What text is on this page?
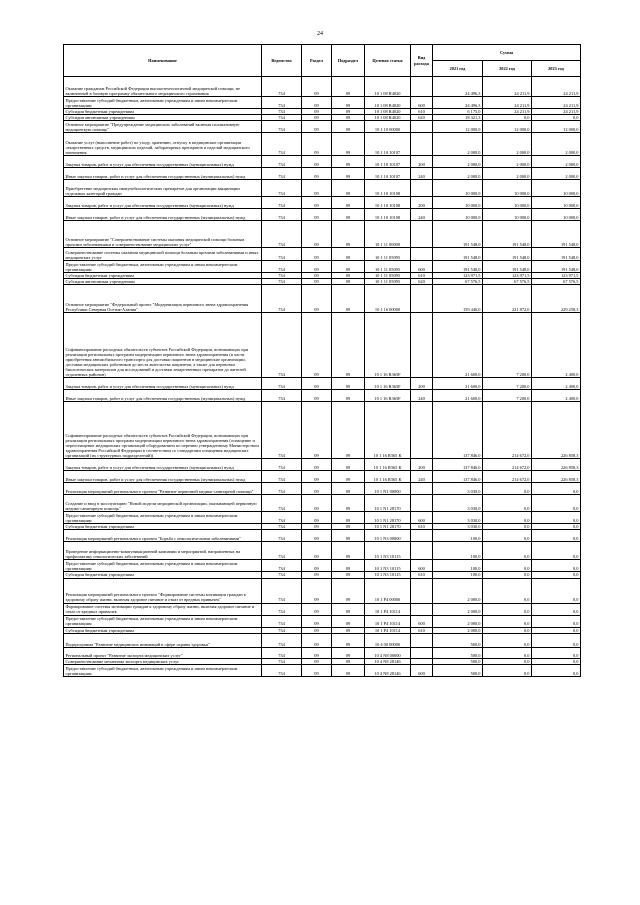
24
Наименование	Ведомство	Раздел	Подраздел	Целевая статья	Вид расхода	Сумма		
						2021 год	2022 год	2023 год
Оказание гражданам Российской Федерации высокотехнологичной медицинской помощи, не включенной в базовую программу обязательного медицинского страхования	734	09	09	10 1 08 R4020		24 496,3	24 211,9	24 211,9
Предоставление субсидий бюджетным, автономным учреждениям и иным некоммерческим организациям	734	09	09	10 1 08 R4020	600	24 496,3	24 211,9	24 211,9
Субсидии бюджетным учреждениям	734	09	09	10 1 08 R4020	610	6 175,0	24 211,9	24 211,9
Субсидии автономным учреждениям	734	09	09	10 1 08 R4020	620	18 321,3	0,0	0,0
Основное мероприятие "Предупреждение медицинских заболеваний включая паллиативную медицинскую помощь"	734	09	09	10 1 10 00000		12 000,0	12 000,0	12 000,0
Оказание услуг (выполнение работ) по уходу, хранению, отпуску в медицинские организации лекарственных средств, медицинских изделий, лабораторных препаратов и изделий медицинского назначения	734	09	09	10 1 10 10107		2 000,0	2 000,0	2 000,0
Закупка товаров, работ и услуг для обеспечения государственных (муниципальных) нужд	734	09	09	10 1 10 10107	200	2 000,0	2 000,0	2 000,0
Иные закупки товаров, работ и услуг для обеспечения государственных (муниципальных) нужд	734	09	09	10 1 10 10107	240	2 000,0	2 000,0	2 000,0
Приобретение медицинских иммунобиологических препаратов для организации вакцинации отдельных категорий граждан	734	09	09	10 1 10 10108		10 000,0	10 000,0	10 000,0
Закупка товаров, работ и услуг для обеспечения государственных (муниципальных) нужд	734	09	09	10 1 10 10108	200	10 000,0	10 000,0	10 000,0
Иные закупки товаров, работ и услуг для обеспечения государственных (муниципальных) нужд	734	09	09	10 1 10 10108	240	10 000,0	10 000,0	10 000,0
Основное мероприятие "Совершенствование системы оказания медицинской помощи больным прочими заболеваниями и совершенствование медицинских услуг"	734	09	09	10 1 11 00000		191 548,0	191 548,0	191 548,0
Совершенствование системы оказания медицинской помощи больным прочими заболеваниями и иных медицинских услуг	734	09	09	10 1 11 05095		191 548,0	191 548,0	191 548,0
Предоставление субсидий бюджетным, автономным учреждениям и иным некоммерческим организациям	734	09	09	10 1 11 05095	600	191 548,0	191 548,0	191 548,0
Субсидии бюджетным учреждениям	734	09	09	10 1 11 05095	610	123 971,5	123 971,5	123 971,5
Субсидии автономным учреждениям	734	09	09	10 1 11 05095	620	67 576,5	67 576,5	67 576,5
Основное мероприятие "Федеральный проект "Модернизация первичного звена здравоохранения Республики Северная Осетия-Алания"	734	09	09	10 1 16 00000		159 446,0	221 872,0	229 258,3
Софинансирование расходных обязательств субъектов Российской Федерации, возникающих при реализации региональных программ модернизации первичного звена здравоохранения (в части приобретения автомобильного транспорта для доставки пациентов в медицинские организации, доставки медицинских работников до места жительства пациентов, а также для перевозки биологических материалов для исследований и доставки лекарственных препаратов до жителей отдаленных районов)	734	09	09	10 1 16 R365F		21 600,0	7 200,0	2 400,0
Закупка товаров, работ и услуг для обеспечения государственных (муниципальных) нужд	734	09	09	10 1 16 R365F	200	21 600,0	7 200,0	2 400,0
Иные закупки товаров, работ и услуг для обеспечения государственных (муниципальных) нужд	734	09	09	10 1 16 R365F	240	21 600,0	7 200,0	2 400,0
Софинансирование расходных обязательств субъектов Российской Федерации, возникающих при реализации региональных программ модернизации первичного звена здравоохранения (оснащение и переоснащение медицинских организаций оборудованием по перечню утвержденному Министерством здравоохранения Российской Федерации в соответствии со стандартами оснащения медицинских организаций (их структурных подразделений))	734	09	09	10 1 16 R365 К		137 846,0	214 672,0	226 858,3
Закупка товаров, работ и услуг для обеспечения государственных (муниципальных) нужд	734	09	09	10 1 16 R365 К	200	137 846,0	214 672,0	226 858,3
Иные закупки товаров, работ и услуг для обеспечения государственных (муниципальных) нужд	734	09	09	10 1 16 R365 К	240	137 846,0	214 672,0	226 858,3
Реализация мероприятий регионального проекта "Развитие первичной медико-санитарной помощи"	734	09	09	10 1 N1 00000		3 030,0	0,0	0,0
Создание и ввод в эксплуатацию "Новой модели медицинской организации, оказывающей первичную медико-санитарную помощь"	734	09	09	10 1 N1 28170		3 030,0	0,0	0,0
Предоставление субсидий бюджетным, автономным учреждениям и иным некоммерческим организациям	734	09	09	10 1 N1 28170	600	3 030,0	0,0	0,0
Субсидии бюджетным учреждениям	734	09	09	10 1 N1 28170	610	3 030,0	0,0	0,0
Реализация мероприятий регионального проекта "Борьба с онкологическими заболеваниями"	734	09	09	10 1 N3 00000		100,0	0,0	0,0
Проведение информационно-коммуникационной кампании и мероприятий, направленных на профилактику онкологических заболеваний	734	09	09	10 1 N3 10115		100,0	0,0	0,0
Предоставление субсидий бюджетным, автономным учреждениям и иным некоммерческим организациям	734	09	09	10 1 N3 10115	600	100,0	0,0	0,0
Субсидии бюджетным учреждениям	734	09	09	10 1 N3 10115	610	100,0	0,0	0,0
Реализация мероприятий регионального проекта "Формирование системы мотивации граждан к здоровому образу жизни, включая здоровое питание и отказ от вредных привычек"	734	09	09	10 1 P4 00000		2 000,0	0,0	0,0
Формирование системы мотивации граждан к здоровому образу жизни, включая здоровое питание и отказ от вредных привычек	734	09	09	10 1 P4 10114		2 000,0	0,0	0,0
Предоставление субсидий бюджетным, автономным учреждениям и иным некоммерческим организациям	734	09	09	10 1 P4 10114	600	2 000,0	0,0	0,0
Субсидии бюджетным учреждениям	734	09	09	10 1 P4 10114	610	2 000,0	0,0	0,0
Подпрограмма "Развитие медицинских инноваций в сфере охраны здоровья"	734	09	09	10 4 00 00000		500,0	0,0	0,0
Региональный проект "Развитие экспорта медицинских услуг"	734	09	09	10 4 N8 00000		500,0	0,0	0,0
Совершенствование механизма экспорта медицинских услуг	734	09	09	10 4 N8 28146		500,0	0,0	0,0
Предоставление субсидий бюджетным, автономным учреждениям и иным некоммерческим организациям	734	09	09	10 4 N8 28146	600	500,0	0,0	0,0
